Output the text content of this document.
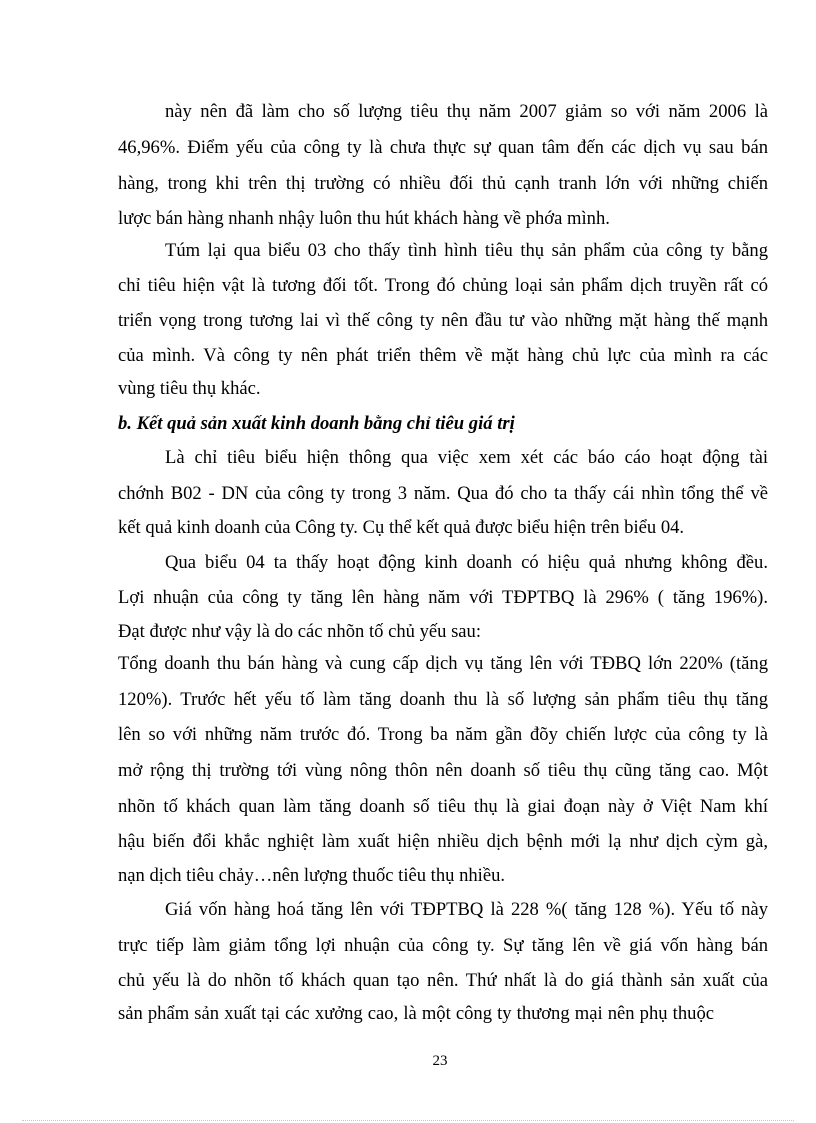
này nên đã làm cho số lượng tiêu thụ năm 2007 giảm so với năm 2006 là

46,96%. Điểm yếu của công ty là chưa thực sự quan tâm đến các dịch vụ sau bán

hàng, trong khi trên thị trường có nhiều đối thủ cạnh tranh lớn với những chiến

lược bán hàng nhanh nhậy luôn thu hút khách hàng về phớa mình.

Túm lại qua biểu 03 cho thấy tình hình tiêu thụ sản phẩm của công ty bằng

chỉ tiêu hiện vật là tương đối tốt. Trong đó chủng loại sản phẩm dịch truyền rất có

triển vọng trong tương lai vì thế công ty nên đầu tư vào những mặt hàng thế mạnh

của mình. Và công ty nên phát triển thêm về mặt hàng chủ lực của mình ra các

vùng tiêu thụ khác.

b. Kết quả sản xuất kinh doanh bằng chỉ tiêu giá trị

Là chỉ tiêu biểu hiện thông qua việc xem xét các báo cáo hoạt động tài

chớnh B02 - DN của công ty trong 3 năm. Qua đó cho ta thấy cái nhìn tổng thể về

kết quả kinh doanh của Công ty. Cụ thể kết quả được biểu hiện trên biểu 04.

Qua biểu 04 ta thấy hoạt động kinh doanh có hiệu quả nhưng không đều.

Lợi nhuận của công ty tăng lên hàng năm với TĐPTBQ là 296% ( tăng 196%).

Đạt được như vậy là do các nhõn tố chủ yếu sau:

Tổng doanh thu bán hàng và cung cấp dịch vụ tăng lên với TĐBQ lớn 220% (tăng

120%). Trước hết yếu tố làm tăng doanh thu là số lượng sản phẩm tiêu thụ tăng

lên so với những năm trước đó. Trong ba năm gần đõy chiến lược của công ty là

mở rộng thị trường tới vùng nông thôn nên doanh số tiêu thụ cũng tăng cao. Một

nhõn tố khách quan làm tăng doanh số tiêu thụ là giai đoạn này ở Việt Nam khí

hậu biến đổi khắc nghiệt làm xuất hiện nhiều dịch bệnh mới lạ như dịch cỳm gà,

nạn dịch tiêu chảy…nên lượng thuốc tiêu thụ nhiều.

Giá vốn hàng hoá tăng lên với TĐPTBQ là 228 %( tăng 128 %). Yếu tố này

trực tiếp làm giảm tổng lợi nhuận của công ty. Sự tăng lên về giá vốn hàng bán

chủ yếu là do nhõn tố khách quan tạo nên. Thứ nhất là do giá thành sản xuất của

sản phẩm sản xuất tại các xưởng cao, là một công ty thương mại nên phụ thuộc

23
